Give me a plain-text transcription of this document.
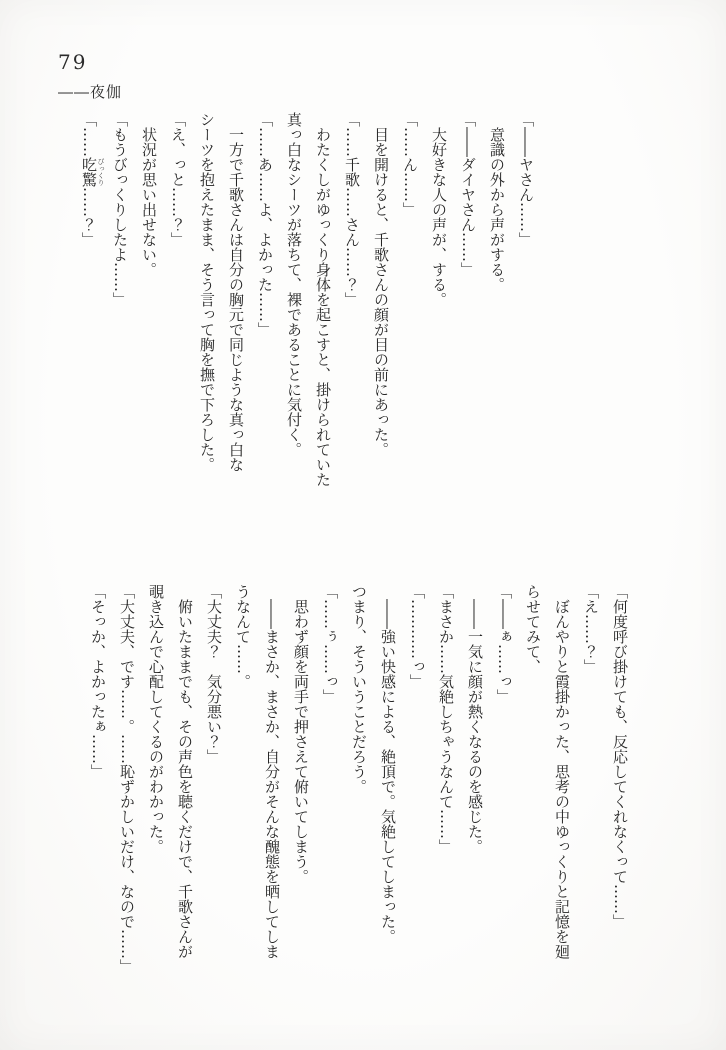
79
――夜伽
「――ヤさん……」
　意識の外から声がする。
「――ダイヤさん……」
　大好きな人の声が、する。
「……ん……」
　目を開けると、千歌さんの顔が目の前にあった。
「……千歌……さん……？」
　わたくしがゆっくり身体を起こすと、掛けられていた
真っ白なシーツが落ちて、裸であることに気付く。
「……あ……よ、よかった……」
　一方で千歌さんは自分の胸元で同じような真っ白な
シーツを抱えたまま、そう言って胸を撫で下ろした。
「え、っと……？」
　状況が思い出せない。
「もうびっくりしたよ……」
「……吃驚 びっくり……？」
「何度呼び掛けても、反応してくれなくって……」
「え……？」
　ぼんやりと霞掛かった、思考の中ゆっくりと記憶を廻
らせてみて、
「――ぁ……っ」
　――一気に顔が熱くなるのを感じた。
「まさか……気絶しちゃうなんて……」
「…………っ」
　――強い快感による、絶頂で。気絶してしまった。
つまり、そういうことだろう。
「……ぅ……っ」
　思わず顔を両手で押さえて俯いてしまう。
　――まさか、まさか、自分がそんな醜態を晒してしま
うなんて……。
「大丈夫？　気分悪い？」
　俯いたままでも、その声色を聴くだけで、千歌さんが
覗き込んで心配してくるのがわかった。
「大丈夫、です……。……恥ずかしいだけ、なので……」
「そっか、よかったぁ……」
